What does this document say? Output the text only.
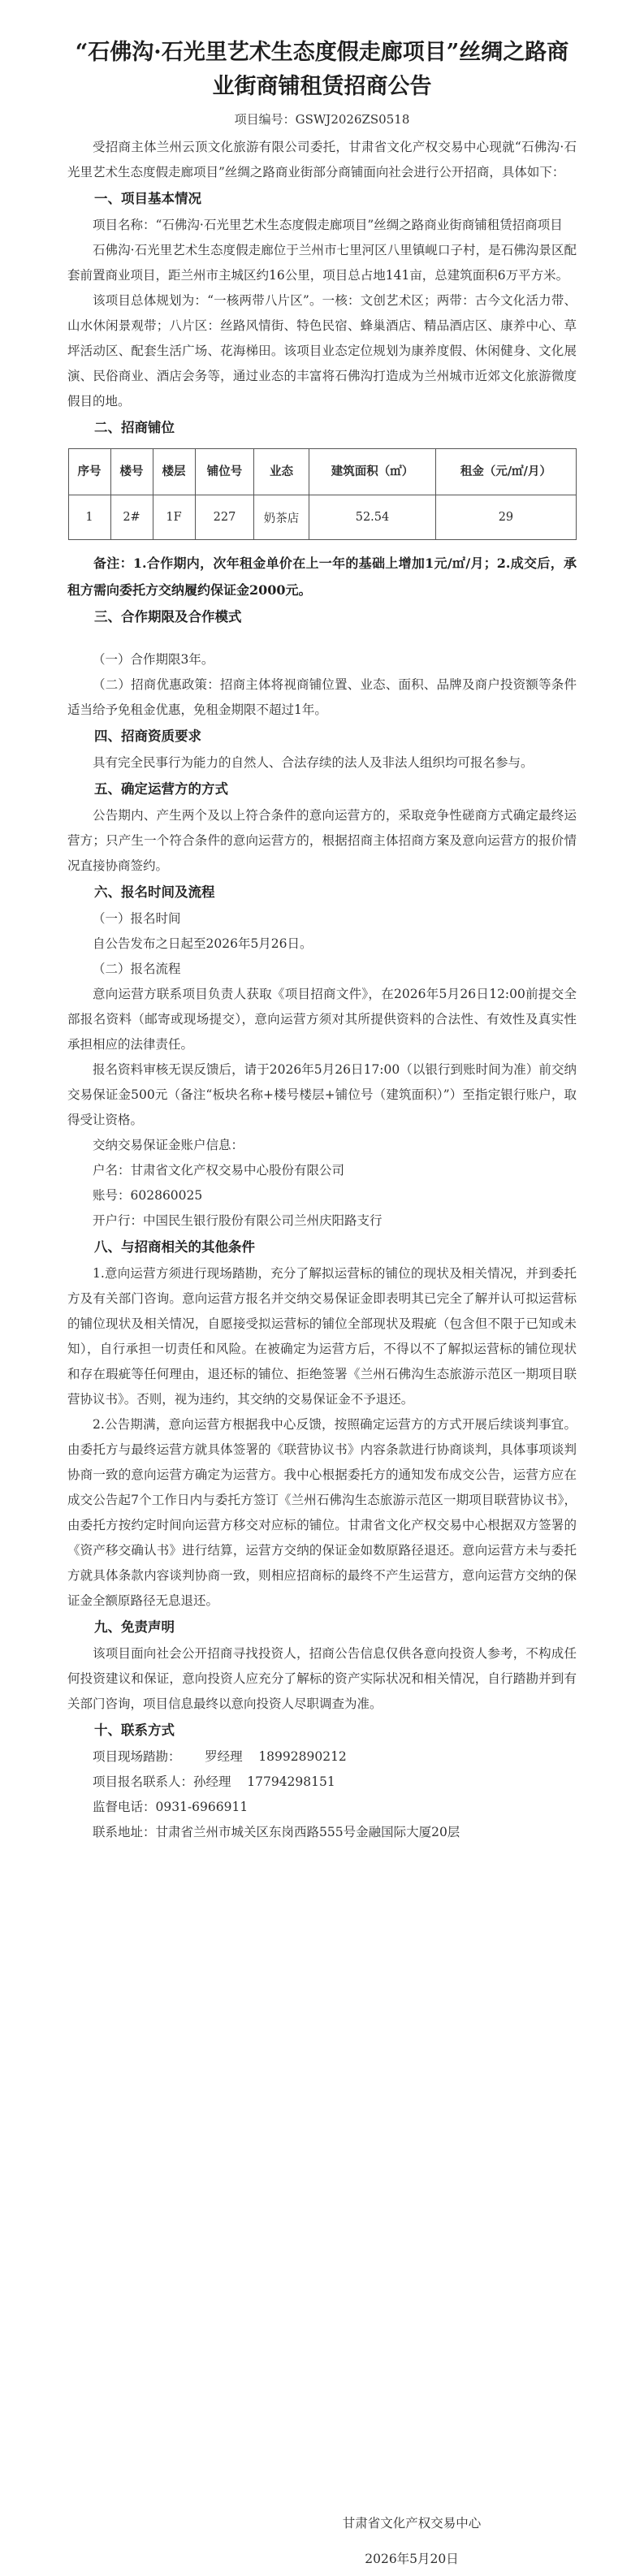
“石佛沟·石光里艺术生态度假走廊项目”丝绸之路商业街商铺租赁招商公告
项目编号：GSWJ2026ZS0518

受招商主体兰州云顶文化旅游有限公司委托，甘肃省文化产权交易中心现就“石佛沟·石光里艺术生态度假走廊项目”丝绸之路商业街部分商铺面向社会进行公开招商，具体如下：

一、项目基本情况

项目名称：“石佛沟·石光里艺术生态度假走廊项目”丝绸之路商业街商铺租赁招商项目

石佛沟·石光里艺术生态度假走廊位于兰州市七里河区八里镇岘口子村，是石佛沟景区配套前置商业项目，距兰州市主城区约16公里，项目总占地141亩，总建筑面积6万平方米。

该项目总体规划为：“一核两带八片区”。一核：文创艺术区；两带：古今文化活力带、山水休闲景观带；八片区：丝路风情街、特色民宿、蜂巢酒店、精品酒店区、康养中心、草坪活动区、配套生活广场、花海梯田。该项目业态定位规划为康养度假、休闲健身、文化展演、民俗商业、酒店会务等，通过业态的丰富将石佛沟打造成为兰州城市近郊文化旅游微度假目的地。

二、招商铺位

序号	楼号	楼层	铺位号	业态	建筑面积（㎡）	租金（元/㎡/月）
1	2#	1F	227	奶茶店	52.54	29

备注：1.合作期内，次年租金单价在上一年的基础上增加1元/㎡/月；2.成交后，承租方需向委托方交纳履约保证金2000元。

三、合作期限及合作模式

（一）合作期限3年。

（二）招商优惠政策：招商主体将视商铺位置、业态、面积、品牌及商户投资额等条件适当给予免租金优惠，免租金期限不超过1年。

四、招商资质要求

具有完全民事行为能力的自然人、合法存续的法人及非法人组织均可报名参与。

五、确定运营方的方式

公告期内、产生两个及以上符合条件的意向运营方的，采取竞争性磋商方式确定最终运营方；只产生一个符合条件的意向运营方的，根据招商主体招商方案及意向运营方的报价情况直接协商签约。

六、报名时间及流程

（一）报名时间

自公告发布之日起至2026年5月26日。

（二）报名流程

意向运营方联系项目负责人获取《项目招商文件》，在2026年5月26日12:00前提交全部报名资料（邮寄或现场提交），意向运营方须对其所提供资料的合法性、有效性及真实性承担相应的法律责任。

报名资料审核无误反馈后，请于2026年5月26日17:00（以银行到账时间为准）前交纳交易保证金500元（备注“板块名称+楼号楼层+铺位号（建筑面积）”）至指定银行账户，取得受让资格。

交纳交易保证金账户信息：

户名：甘肃省文化产权交易中心股份有限公司

账号：602860025

开户行：中国民生银行股份有限公司兰州庆阳路支行

八、与招商相关的其他条件

1.意向运营方须进行现场踏勘，充分了解拟运营标的铺位的现状及相关情况，并到委托方及有关部门咨询。意向运营方报名并交纳交易保证金即表明其已完全了解并认可拟运营标的铺位现状及相关情况，自愿接受拟运营标的铺位全部现状及瑕疵（包含但不限于已知或未知），自行承担一切责任和风险。在被确定为运营方后，不得以不了解拟运营标的铺位现状和存在瑕疵等任何理由，退还标的铺位、拒绝签署《兰州石佛沟生态旅游示范区一期项目联营协议书》。否则，视为违约，其交纳的交易保证金不予退还。

2.公告期满，意向运营方根据我中心反馈，按照确定运营方的方式开展后续谈判事宜。由委托方与最终运营方就具体签署的《联营协议书》内容条款进行协商谈判，具体事项谈判协商一致的意向运营方确定为运营方。我中心根据委托方的通知发布成交公告，运营方应在成交公告起7个工作日内与委托方签订《兰州石佛沟生态旅游示范区一期项目联营协议书》，由委托方按约定时间向运营方移交对应标的铺位。甘肃省文化产权交易中心根据双方签署的《资产移交确认书》进行结算，运营方交纳的保证金如数原路径退还。意向运营方未与委托方就具体条款内容谈判协商一致，则相应招商标的最终不产生运营方，意向运营方交纳的保证金全额原路径无息退还。

九、免责声明

该项目面向社会公开招商寻找投资人，招商公告信息仅供各意向投资人参考，不构成任何投资建议和保证，意向投资人应充分了解标的资产实际状况和相关情况，自行踏勘并到有关部门咨询，项目信息最终以意向投资人尽职调查为准。

十、联系方式

项目现场踏勘： 罗经理 18992890212

项目报名联系人：孙经理 17794298151

监督电话：0931-6966911

联系地址：甘肃省兰州市城关区东岗西路555号金融国际大厦20层

甘肃省文化产权交易中心
2026年5月20日
